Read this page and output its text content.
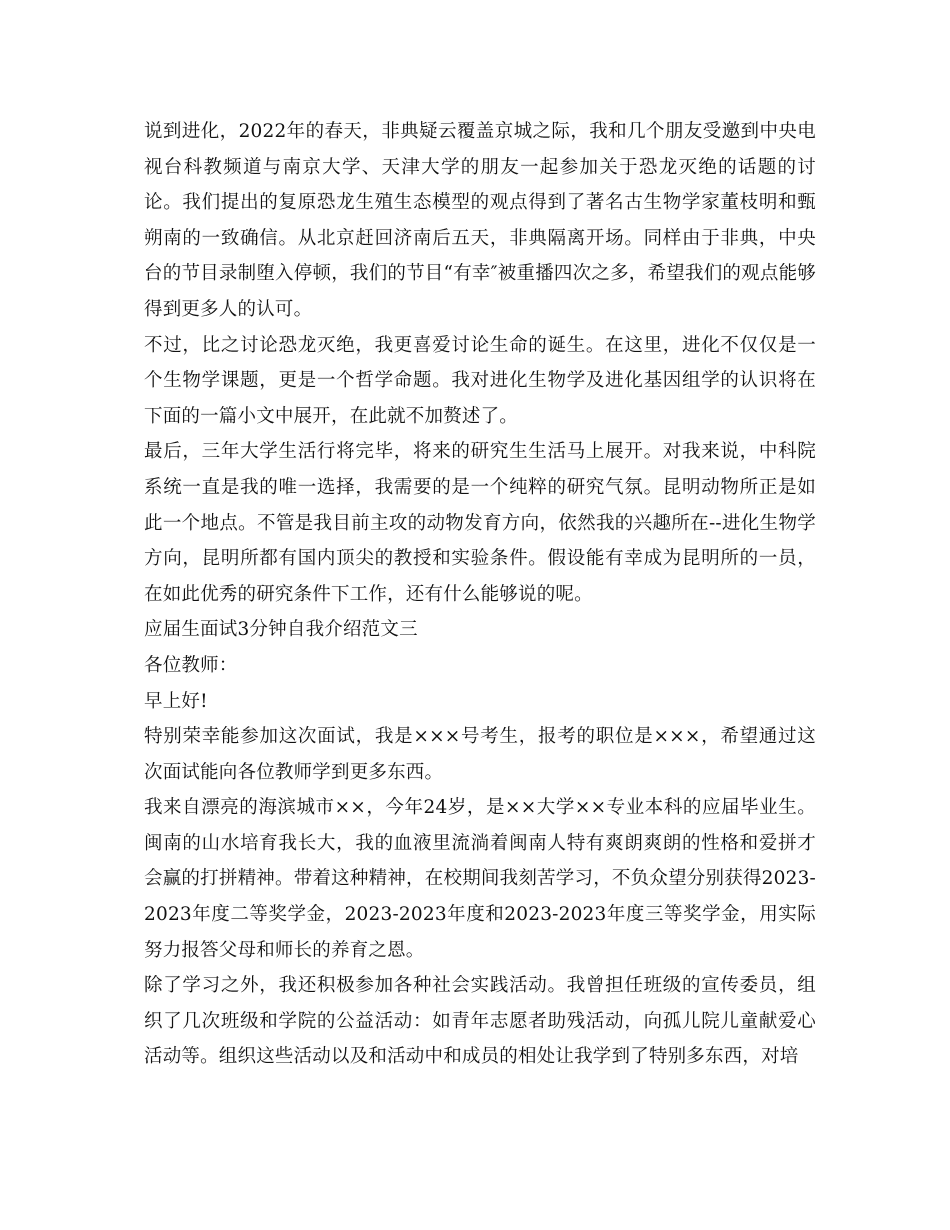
说到进化，2022年的春天，非典疑云覆盖京城之际，我和几个朋友受邀到中央电视台科教频道与南京大学、天津大学的朋友一起参加关于恐龙灭绝的话题的讨论。我们提出的复原恐龙生殖生态模型的观点得到了著名古生物学家董枝明和甄朔南的一致确信。从北京赶回济南后五天，非典隔离开场。同样由于非典，中央台的节目录制堕入停顿，我们的节目“有幸″被重播四次之多，希望我们的观点能够得到更多人的认可。

不过，比之讨论恐龙灭绝，我更喜爱讨论生命的诞生。在这里，进化不仅仅是一个生物学课题，更是一个哲学命题。我对进化生物学及进化基因组学的认识将在下面的一篇小文中展开，在此就不加赘述了。

最后，三年大学生活行将完毕，将来的研究生生活马上展开。对我来说，中科院系统一直是我的唯一选择，我需要的是一个纯粹的研究气氛。昆明动物所正是如此一个地点。不管是我目前主攻的动物发育方向，依然我的兴趣所在--进化生物学方向，昆明所都有国内顶尖的教授和实验条件。假设能有幸成为昆明所的一员，在如此优秀的研究条件下工作，还有什么能够说的呢。

应届生面试3分钟自我介绍范文三

各位教师：

早上好!

特别荣幸能参加这次面试，我是×××号考生，报考的职位是×××，希望通过这次面试能向各位教师学到更多东西。

我来自漂亮的海滨城市××，今年24岁，是××大学××专业本科的应届毕业生。闽南的山水培育我长大，我的血液里流淌着闽南人特有爽朗爽朗的性格和爱拼才会赢的打拼精神。带着这种精神，在校期间我刻苦学习，不负众望分别获得2023-2023年度二等奖学金，2023-2023年度和2023-2023年度三等奖学金，用实际努力报答父母和师长的养育之恩。

除了学习之外，我还积极参加各种社会实践活动。我曾担任班级的宣传委员，组织了几次班级和学院的公益活动：如青年志愿者助残活动，向孤儿院儿童献爱心活动等。组织这些活动以及和活动中和成员的相处让我学到了特别多东西，对培
